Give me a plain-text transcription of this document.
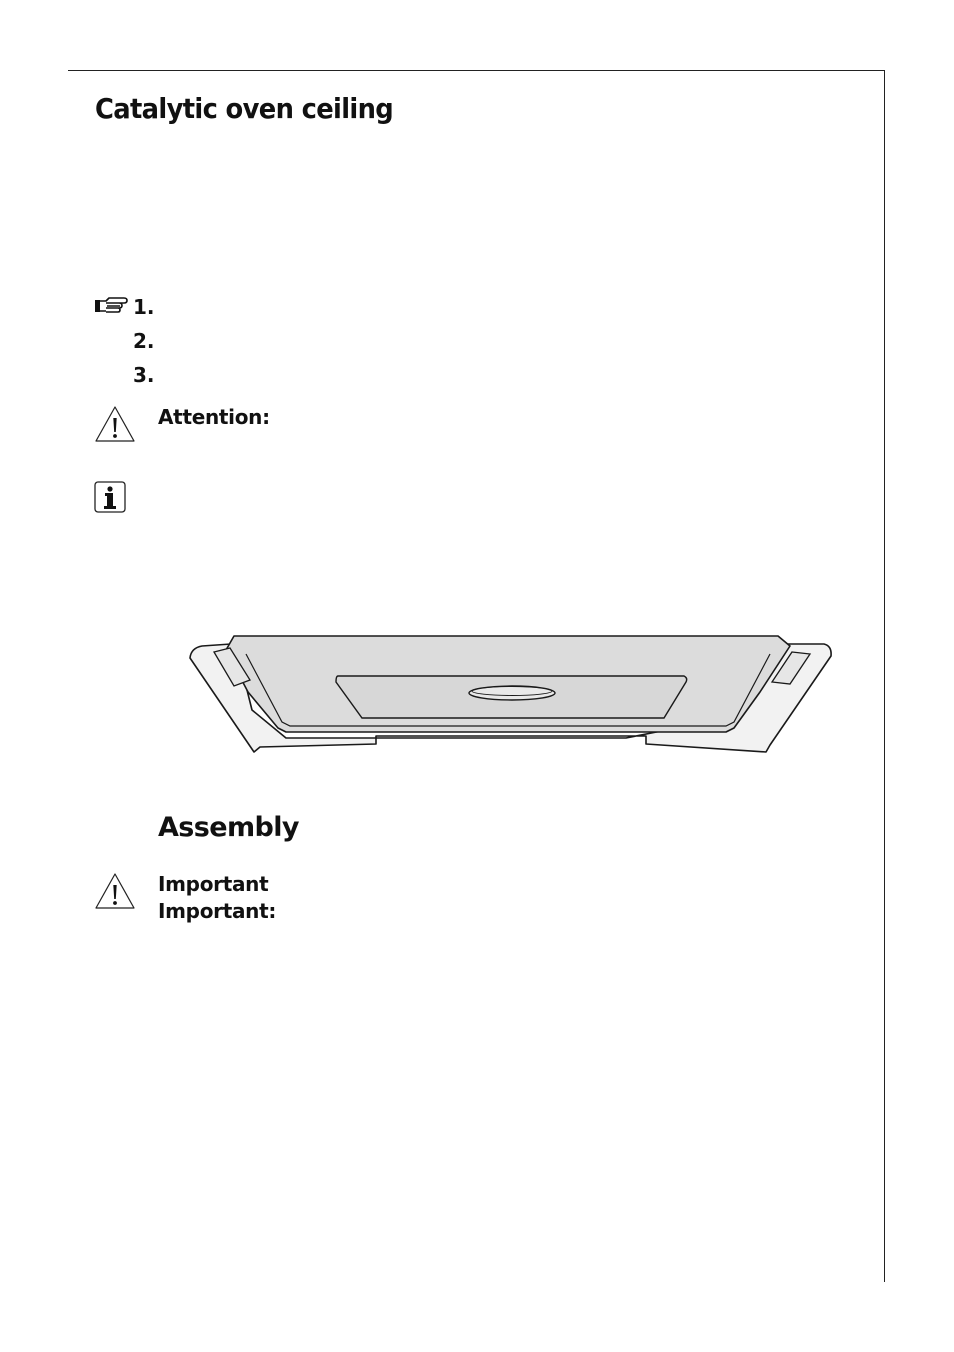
Catalytic oven ceiling
1.
2.
3.
Attention:
Assembly
Important
Important:
